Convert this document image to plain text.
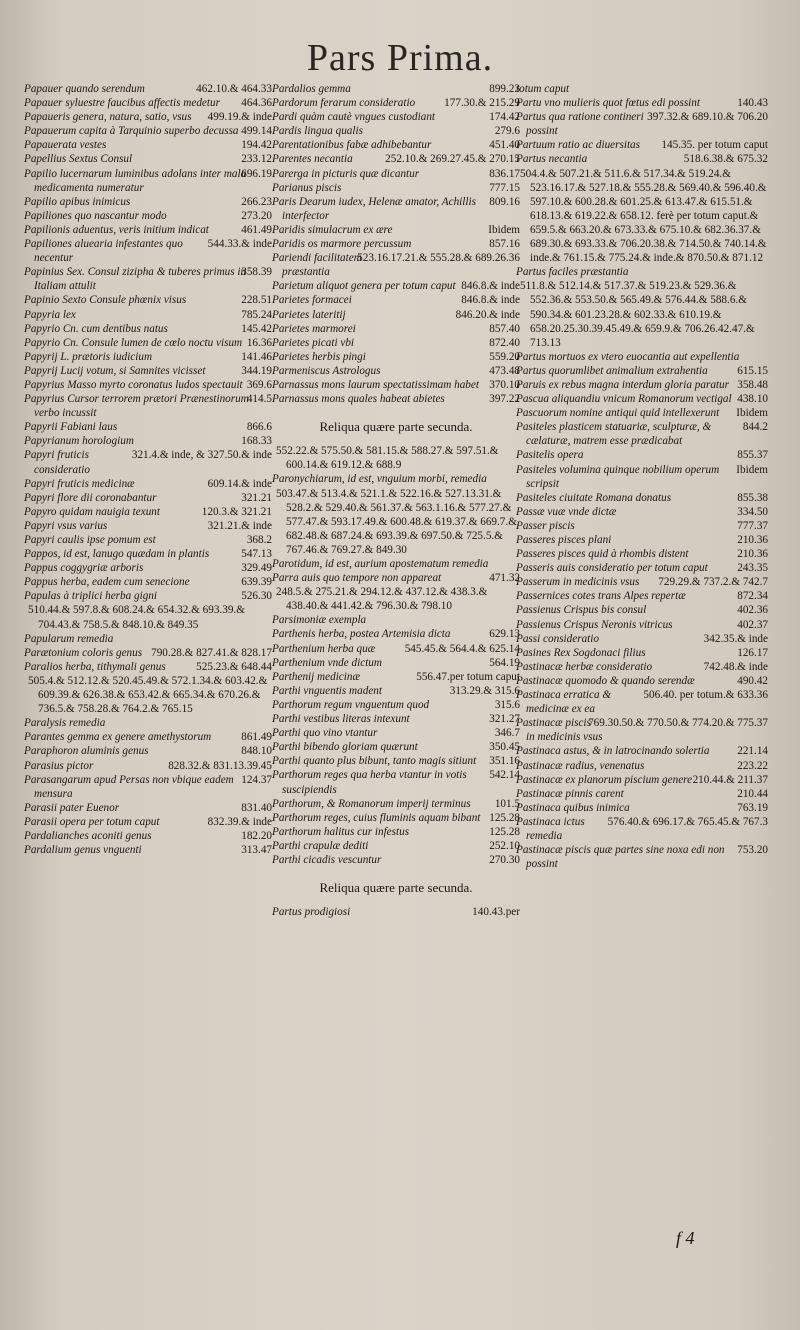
Pars Prima.

462.10.& 464.33
Papauer quando serendum

464.36
Papauer syluestre faucibus affectis medetur

499.19.& inde
Papaueris genera, natura, satio, vsus

499.14
Papauerum capita à Tarquinio superbo decussa

194.42
Papauerata vestes

233.12
Papellius Sextus Consul

696.19
Papilio lucernarum luminibus adolans inter mala medicamenta numeratur

266.23
Papilio apibus inimicus

273.20
Papiliones quo nascantur modo

461.49
Papilionis aduentus, veris initium indicat

544.33.& inde
Papiliones aluearia infestantes quo necentur

358.39
Papinius Sex. Consul zizipha & tuberes primus in Italiam attulit

228.51
Papinio Sexto Consule phœnix visus

785.24
Papyria lex

145.42
Papyrio Cn. cum dentibus natus

16.36
Papyrio Cn. Consule lumen de cœlo noctu visum

141.46
Papyrij L. prætoris iudicium

344.19
Papyrij Lucij votum, si Samnites vicisset

369.6
Papyrius Masso myrto coronatus ludos spectauit

414.5
Papyrius Cursor terrorem prætori Prænestinorum verbo incussit

866.6
Papyrii Fabiani laus

168.33
Papyrianum horologium

321.4.& inde, & 327.50.& inde
Papyri fruticis consideratio

609.14.& inde
Papyri fruticis medicinæ

321.21
Papyri flore dii coronabantur

120.3.& 321.21
Papyro quidam nauigia texunt

321.21.& inde
Papyri vsus varius

368.2
Papyri caulis ipse pomum est

547.13
Pappos, id est, lanugo quædam in plantis

329.49
Pappus coggygriæ arboris

639.39
Pappus herba, eadem cum senecione

526.30
Papulas à triplici herba gigni

510.44.& 597.8.& 608.24.& 654.32.& 693.39.& 704.43.& 758.5.& 848.10.& 849.35
Papularum remedia

790.28.& 827.41.& 828.17
Parætonium coloris genus

525.23.& 648.44
Paralios herba, tithymali genus

505.4.& 512.12.& 520.45.49.& 572.1.34.& 603.42.& 609.39.& 626.38.& 653.42.& 665.34.& 670.26.& 736.5.& 758.28.& 764.2.& 765.15
Paralysis remedia

861.49
Parantes gemma ex genere amethystorum

848.10
Paraphoron aluminis genus

828.32.& 831.13.39.45
Parasius pictor

124.37
Parasangarum apud Persas non vbique eadem mensura

831.40
Parasii pater Euenor

832.39.& inde
Parasii opera per totum caput

182.20
Pardalianches aconiti genus

313.47
Pardalium genus vnguenti

899.23
Pardalios gemma

177.30.& 215.29
Pardorum ferarum consideratio

174.42
Pardi quàm cautè vngues custodiant

279.6
Pardis lingua qualis

451.40
Parentationibus fabæ adhibebantur

252.10.& 269.27.45.& 270.15
Parentes necantia

836.17
Parerga in picturis quæ dicantur

777.15
Parianus piscis

809.16
Paris Dearum iudex, Helenæ amator, Achillis interfector

Ibidem
Paridis simulacrum ex ære

857.16
Paridis os marmore percussum

523.16.17.21.& 555.28.& 689.26.36
Pariendi facilitatem præstantia

846.8.& inde
Parietum aliquot genera per totum caput

846.8.& inde
Parietes formacei

846.20.& inde
Parietes lateritij

857.40
Parietes marmorei

872.40
Parietes picati vbi

559.20
Parietes herbis pingi

473.48
Parmeniscus Astrologus

370.10
Parnassus mons laurum spectatissimam habet

397.22
Parnassus mons quales habeat abietes

Reliqua quære parte secunda.

552.22.& 575.50.& 581.15.& 588.27.& 597.51.& 600.14.& 619.12.& 688.9
Paronychiarum, id est, vnguium morbi, remedia

503.47.& 513.4.& 521.1.& 522.16.& 527.13.31.& 528.2.& 529.40.& 561.37.& 563.1.16.& 577.27.& 577.47.& 593.17.49.& 600.48.& 619.37.& 669.7.& 682.48.& 687.24.& 693.39.& 697.50.& 725.5.& 767.46.& 769.27.& 849.30
Parotidum, id est, aurium apostematum remedia

471.32
Parra auis quo tempore non appareat

248.5.& 275.21.& 294.12.& 437.12.& 438.3.& 438.40.& 441.42.& 796.30.& 798.10
Parsimoniæ exempla

629.13
Parthenis herba, postea Artemisia dicta

545.45.& 564.4.& 625.14
Parthenium herba quæ

564.19
Parthenium vnde dictum

556.47.per totum caput
Parthenij medicinæ

313.29.& 315.6
Parthi vnguentis madent

315.6
Parthorum regum vnguentum quod

321.27
Parthi vestibus literas intexunt

346.7
Parthi quo vino vtantur

350.45
Parthi bibendo gloriam quærunt

351.16
Parthi quanto plus bibunt, tanto magis sitiunt

542.14
Parthorum reges qua herba vtantur in votis suscipiendis

101.5
Parthorum, & Romanorum imperij terminus

125.28
Parthorum reges, cuius fluminis aquam bibant

125.28
Parthorum halitus cur infestus

252.10
Parthi crapulæ dediti

270.30
Parthi cicadis vescuntur

Reliqua quære parte secunda.

140.43.per
Partus prodigiosi

totum caput

140.43
Partu vno mulieris quot fœtus edi possint

397.32.& 689.10.& 706.20
Partus qua ratione contineri possint

145.35. per totum caput
Partuum ratio ac diuersitas

518.6.38.& 675.32
Partus necantia

504.4.& 507.21.& 511.6.& 517.34.& 519.24.& 523.16.17.& 527.18.& 555.28.& 569.40.& 596.40.& 597.10.& 600.28.& 601.25.& 613.47.& 615.51.& 618.13.& 619.22.& 658.12. ferè per totum caput.& 659.5.& 663.20.& 673.33.& 675.10.& 682.36.37.& 689.30.& 693.33.& 706.20.38.& 714.50.& 740.14.& inde.& 761.15.& 775.24.& inde.& 870.50.& 871.12
Partus faciles præstantia

511.8.& 512.14.& 517.37.& 519.23.& 529.36.& 552.36.& 553.50.& 565.49.& 576.44.& 588.6.& 590.34.& 601.23.28.& 602.33.& 610.19.& 658.20.25.30.39.45.49.& 659.9.& 706.26.42.47.& 713.13
Partus mortuos ex vtero euocantia aut expellentia

615.15
Partus quorumlibet animalium extrahentia

358.48
Paruis ex rebus magna interdum gloria paratur

438.10
Pascua aliquandiu vnicum Romanorum vectigal

Ibidem
Pascuorum nomine antiqui quid intellexerunt

844.2
Pasiteles plasticem statuariæ, sculpturæ, & cælaturæ, matrem esse prædicabat

855.37
Pasitelis opera

Ibidem
Pasiteles volumina quinque nobilium operum scripsit

855.38
Pasiteles ciuitate Romana donatus

334.50
Passæ vuæ vnde dictæ

777.37
Passer piscis

210.36
Passeres pisces plani

210.36
Passeres pisces quid à rhombis distent

243.35
Passeris auis consideratio per totum caput

729.29.& 737.2.& 742.7
Passerum in medicinis vsus

872.34
Passernices cotes trans Alpes repertæ

402.36
Passienus Crispus bis consul

402.37
Passienus Crispus Neronis vitricus

342.35.& inde
Passi consideratio

126.17
Pasines Rex Sogdonaci filius

742.48.& inde
Pastinacæ herbæ consideratio

490.42
Pastinacæ quomodo & quando serendæ

506.40. per totum.& 633.36
Pastinaca erratica & medicinæ ex ea

769.30.50.& 770.50.& 774.20.& 775.37
Pastinacæ piscis in medicinis vsus

221.14
Pastinaca astus, & in latrocinando solertia

223.22
Pastinacæ radius, venenatus

210.44.& 211.37
Pastinacæ ex planorum piscium genere

210.44
Pastinacæ pinnis carent

763.19
Pastinaca quibus inimica

576.40.& 696.17.& 765.45.& 767.3
Pastinaca ictus remedia

753.20
Pastinacæ piscis quæ partes sine noxa edi non possint

f 4
